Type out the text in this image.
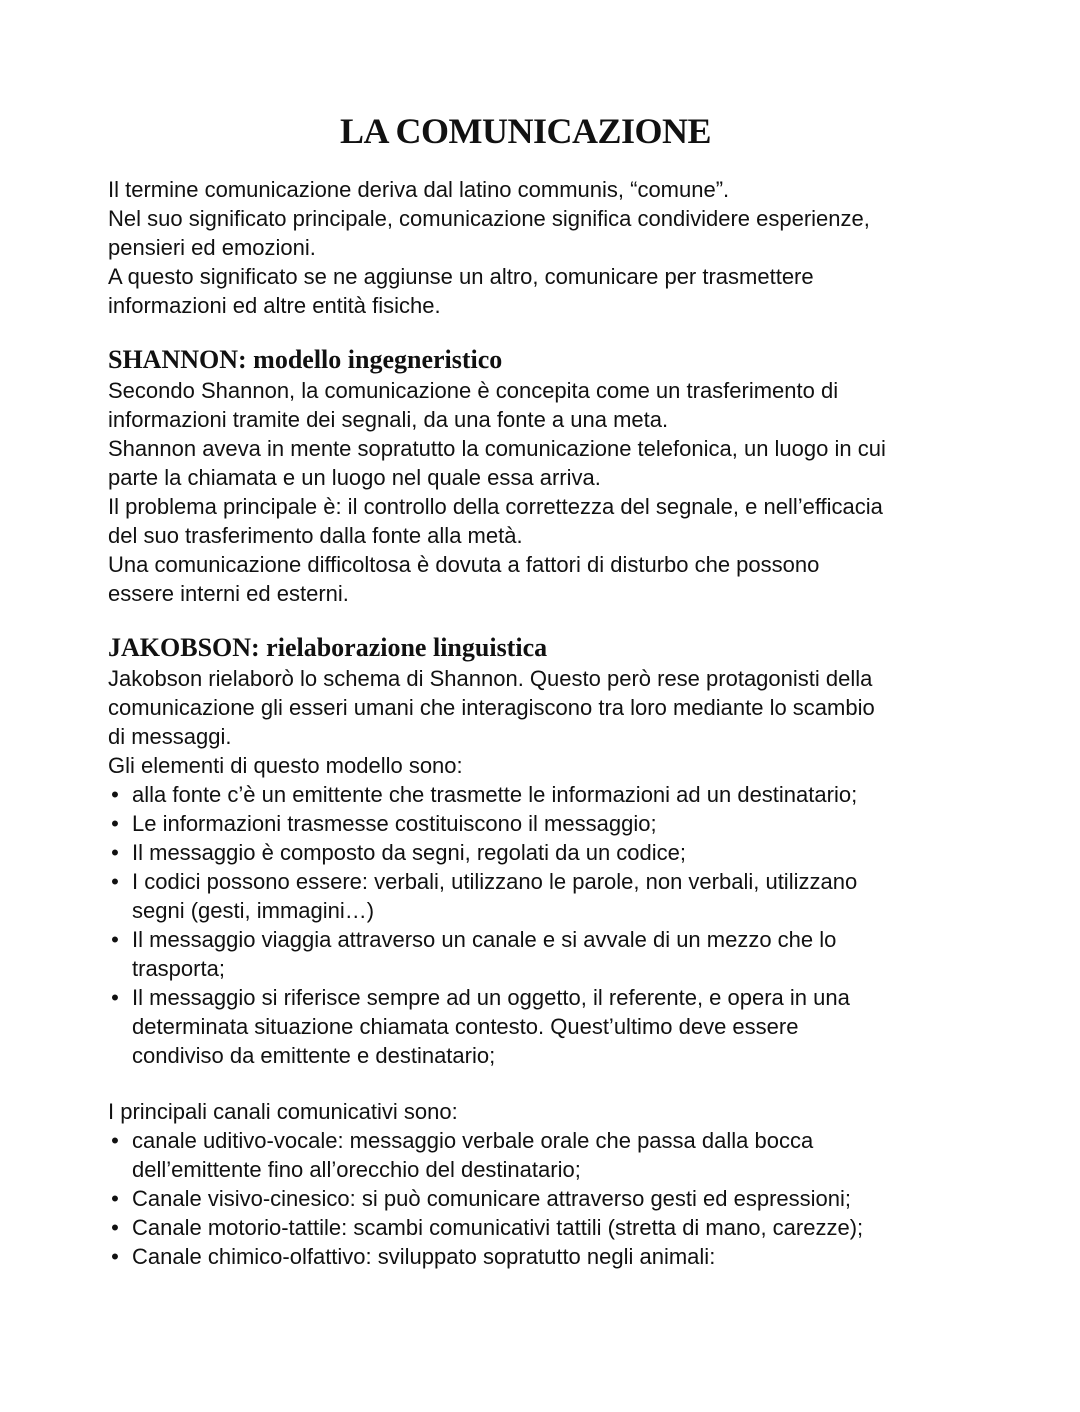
LA COMUNICAZIONE
Il termine comunicazione deriva dal latino communis, “comune”.
Nel suo significato principale, comunicazione significa condividere esperienze,
pensieri ed emozioni.
A questo significato se ne aggiunse un altro, comunicare per trasmettere
informazioni ed altre entità fisiche.
SHANNON: modello ingegneristico
Secondo Shannon, la comunicazione è concepita come un trasferimento di
informazioni tramite dei segnali, da una fonte a una meta.
Shannon aveva in mente sopratutto la comunicazione telefonica, un luogo in cui
parte la chiamata e un luogo nel quale essa arriva.
Il problema principale è: il controllo della correttezza del segnale, e nell’efficacia
del suo trasferimento dalla fonte alla metà.
Una comunicazione difficoltosa è dovuta a fattori di disturbo che possono
essere interni ed esterni.
JAKOBSON: rielaborazione linguistica
Jakobson rielaborò lo schema di Shannon. Questo però rese protagonisti della
comunicazione gli esseri umani che interagiscono tra loro mediante lo scambio
di messaggi.
Gli elementi di questo modello sono:
• alla fonte c’è un emittente che trasmette le informazioni ad un destinatario;
• Le informazioni trasmesse costituiscono il messaggio;
• Il messaggio è composto da segni, regolati da un codice;
• I codici possono essere: verbali, utilizzano le parole, non verbali, utilizzano
segni (gesti, immagini…)
• Il messaggio viaggia attraverso un canale e si avvale di un mezzo che lo
trasporta;
• Il messaggio si riferisce sempre ad un oggetto, il referente, e opera in una
determinata situazione chiamata contesto. Quest’ultimo deve essere
condiviso da emittente e destinatario;
I principali canali comunicativi sono:
• canale uditivo-vocale: messaggio verbale orale che passa dalla bocca
dell’emittente fino all’orecchio del destinatario;
• Canale visivo-cinesico: si può comunicare attraverso gesti ed espressioni;
• Canale motorio-tattile: scambi comunicativi tattili (stretta di mano, carezze);
• Canale chimico-olfattivo: sviluppato sopratutto negli animali:
